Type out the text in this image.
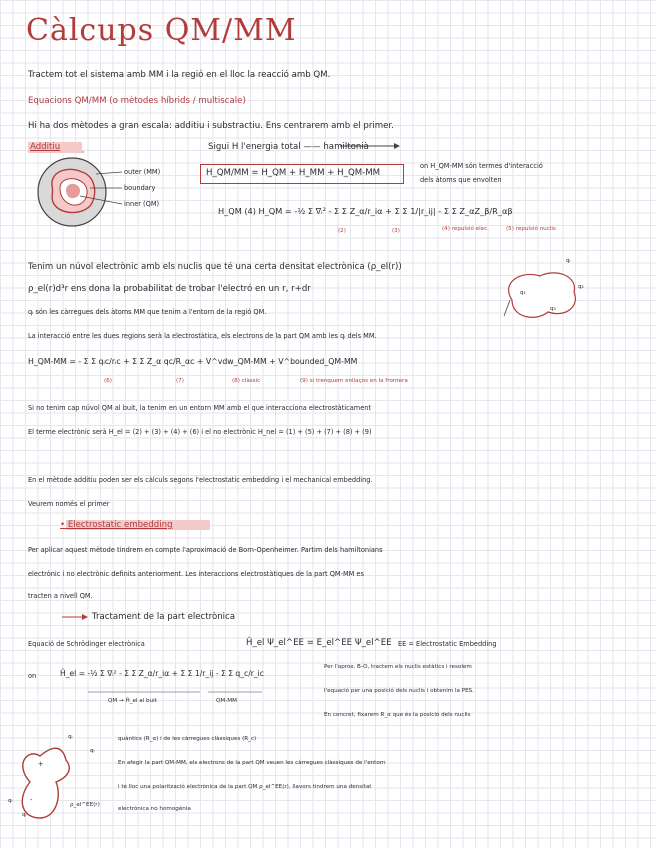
Càlcups QM/MM
Tractem tot el sistema amb MM i la regió en el lloc la reacció amb QM.
Equacions QM/MM (o mètodes híbrids / multiscale)
Hi ha dos mètodes a gran escala: additiu i substractiu. Ens centrarem amb el primer.
Additiu	Sigui H l'energia total —— hamiltonià
H_QM/MM = H_QM + H_MM + H_QM-MM
on H_QM-MM són termes d'interacció
dels àtoms que envolten
outer (MM)
boundary
inner (QM)
H_QM (4) H_QM = -½ Σ ∇ᵢ² - Σ Σ Z_α/r_iα + Σ Σ 1/|r_ij| - Σ Σ Z_αZ_β/R_αβ
(2)	(3)	(4) repulsió elec.	(5) repulsió nuclis
Tenim un núvol electrònic amb els nuclis que té una certa densitat electrònica (ρ_el(r))
ρ_el(r)d³r ens dona la probabilitat de trobar l'electró en un r, r+dr
qᵢ són les càrregues dels àtoms MM que tenim a l'entorn de la regió QM.
La interacció entre les dues regions serà la electrostàtica, els electrons de la part QM amb les qᵢ dels MM.
q₁
q₂
q₃
qᵢ
H_QM-MM = - Σ Σ qᵢc/rᵢc + Σ Σ Z_α qc/R_αc + V^vdw_QM-MM + V^bounded_QM-MM
(6)	(7)	(8) clàssic	(9) si trenquem enllaços en la frontera
Si no tenim cap núvol QM al buit, la tenim en un entorn MM amb el que interacciona electrostàticament
El terme electrònic serà H_el = (2) + (3) + (4) + (6) i el no electrònic H_nel = (1) + (5) + (7) + (8) + (9)
En el mètode additiu poden ser els càlculs segons l'electrostatic embedding i el mechanical embedding.
Veurem només el primer
• Electrostatic embedding
Per aplicar aquest mètode tindrem en compte l'aproximació de Born-Openheimer. Partim dels hamiltonians
electrònic i no electrònic definits anteriorment. Les interaccions electrostàtiques de la part QM-MM es
tracten a nivell QM.
Tractament de la part electrònica
Equació de Schrödinger electrònica	Ĥ_el Ψ_el^EE = E_el^EE Ψ_el^EE EE = Electrostatic Embedding
on	Ĥ_el = -½ Σ ∇ᵢ² - Σ Σ Z_α/r_iα + Σ Σ 1/r_ij - Σ Σ q_c/r_ic
QM → Ĥ_el al buit	QM-MM
Per l'aprox. B-O, tractem els nuclis estàtics i resolem
l'equació per una posició dels nuclis i obtenim la PES.
En concret, fixarem R_α que és la posició dels nuclis
quàntics (R_α) i de les càrregues clàssiques (R_c)
En afegir la part QM-MM, els electrons de la part QM veuen les càrregues clàssiques de l'entorn
i té lloc una polarització electrònica de la part QM ρ_el^EE(r), llavors tindrem una densitat
electrònica no homogènia
qᵢ
qᵢ
qᵢ
qᵢ
ρ_el^EE(r)
+
-
